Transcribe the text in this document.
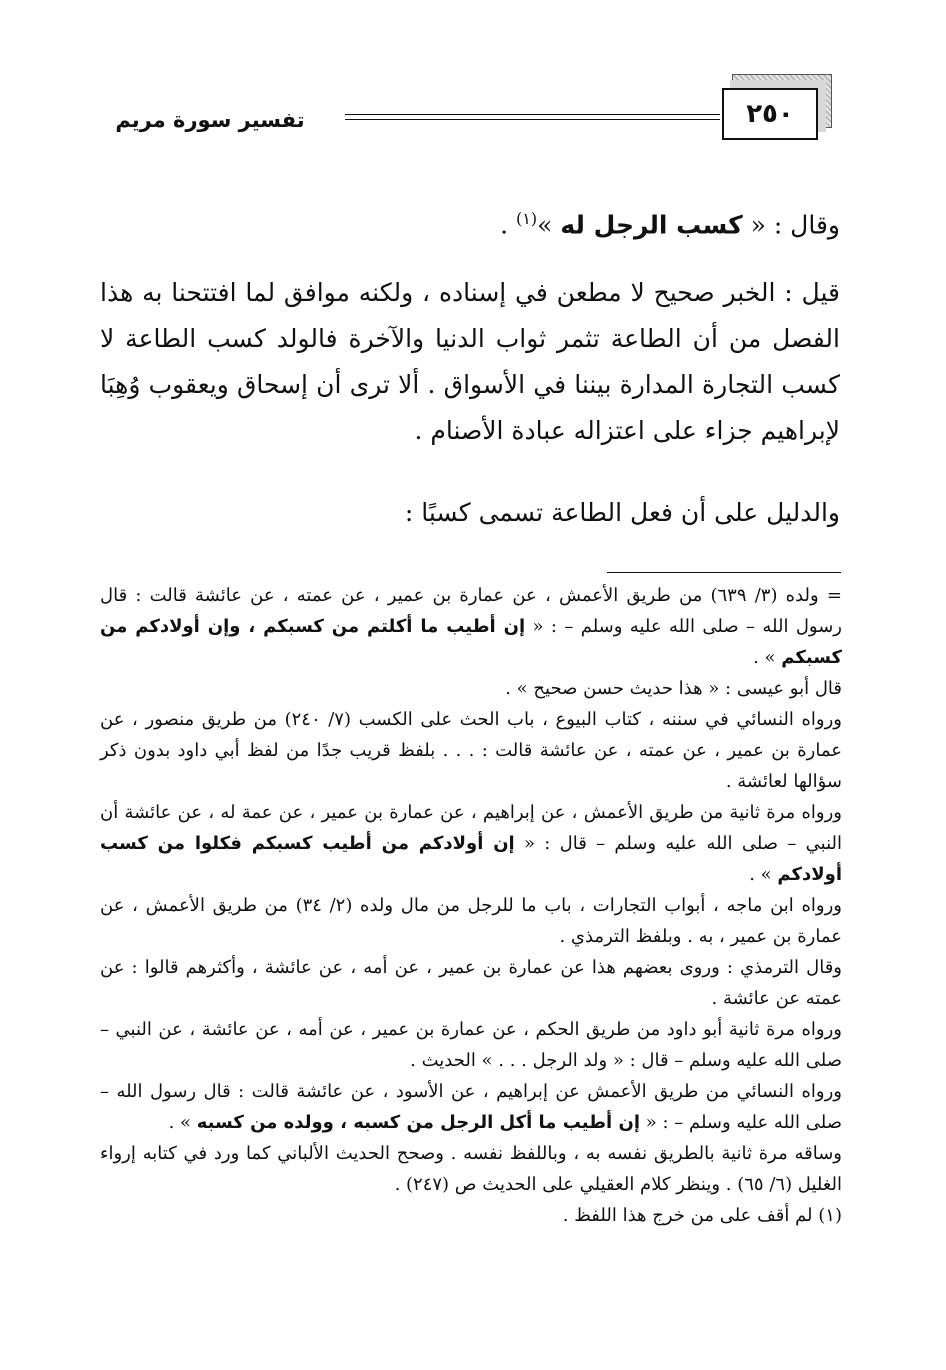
٢٥٠
تفسير سورة مريم
وقال : « كسب الرجل له »$^{(١)}$ .
قيل : الخبر صحيح لا مطعن في إسناده ، ولكنه موافق لما افتتحنا به هذا الفصل من أن الطاعة تثمر ثواب الدنيا والآخرة فالولد كسب الطاعة لا كسب التجارة المدارة بيننا في الأسواق . ألا ترى أن إسحاق ويعقوب وُهِبَا لإبراهيم جزاء على اعتزاله عبادة الأصنام .
والدليل على أن فعل الطاعة تسمى كسبًا :

= ولده (٣/ ٦٣٩) من طريق الأعمش ، عن عمارة بن عمير ، عن عمته ، عن عائشة قالت : قال رسول الله – صلى الله عليه وسلم – : « إن أطيب ما أكلتم من كسبكم ، وإن أولادكم من كسبكم » .

قال أبو عيسى : « هذا حديث حسن صحيح » .

ورواه النسائي في سننه ، كتاب البيوع ، باب الحث على الكسب (٧/ ٢٤٠) من طريق منصور ، عن عمارة بن عمير ، عن عمته ، عن عائشة قالت : . . . بلفظ قريب جدًا من لفظ أبي داود بدون ذكر سؤالها لعائشة .

ورواه مرة ثانية من طريق الأعمش ، عن إبراهيم ، عن عمارة بن عمير ، عن عمة له ، عن عائشة أن النبي – صلى الله عليه وسلم – قال : « إن أولادكم من أطيب كسبكم فكلوا من كسب أولادكم » .

ورواه ابن ماجه ، أبواب التجارات ، باب ما للرجل من مال ولده (٢/ ٣٤) من طريق الأعمش ، عن عمارة بن عمير ، به . وبلفظ الترمذي .

وقال الترمذي : وروى بعضهم هذا عن عمارة بن عمير ، عن أمه ، عن عائشة ، وأكثرهم قالوا : عن عمته عن عائشة .

ورواه مرة ثانية أبو داود من طريق الحكم ، عن عمارة بن عمير ، عن أمه ، عن عائشة ، عن النبي – صلى الله عليه وسلم – قال : « ولد الرجل . . . » الحديث .

ورواه النسائي من طريق الأعمش عن إبراهيم ، عن الأسود ، عن عائشة قالت : قال رسول الله – صلى الله عليه وسلم – : « إن أطيب ما أكل الرجل من كسبه ، وولده من كسبه » .

وساقه مرة ثانية بالطريق نفسه به ، وباللفظ نفسه . وصحح الحديث الألباني كما ورد في كتابه إرواء الغليل (٦/ ٦٥) . وينظر كلام العقيلي على الحديث ص (٢٤٧) .

(١) لم أقف على من خرج هذا اللفظ .
